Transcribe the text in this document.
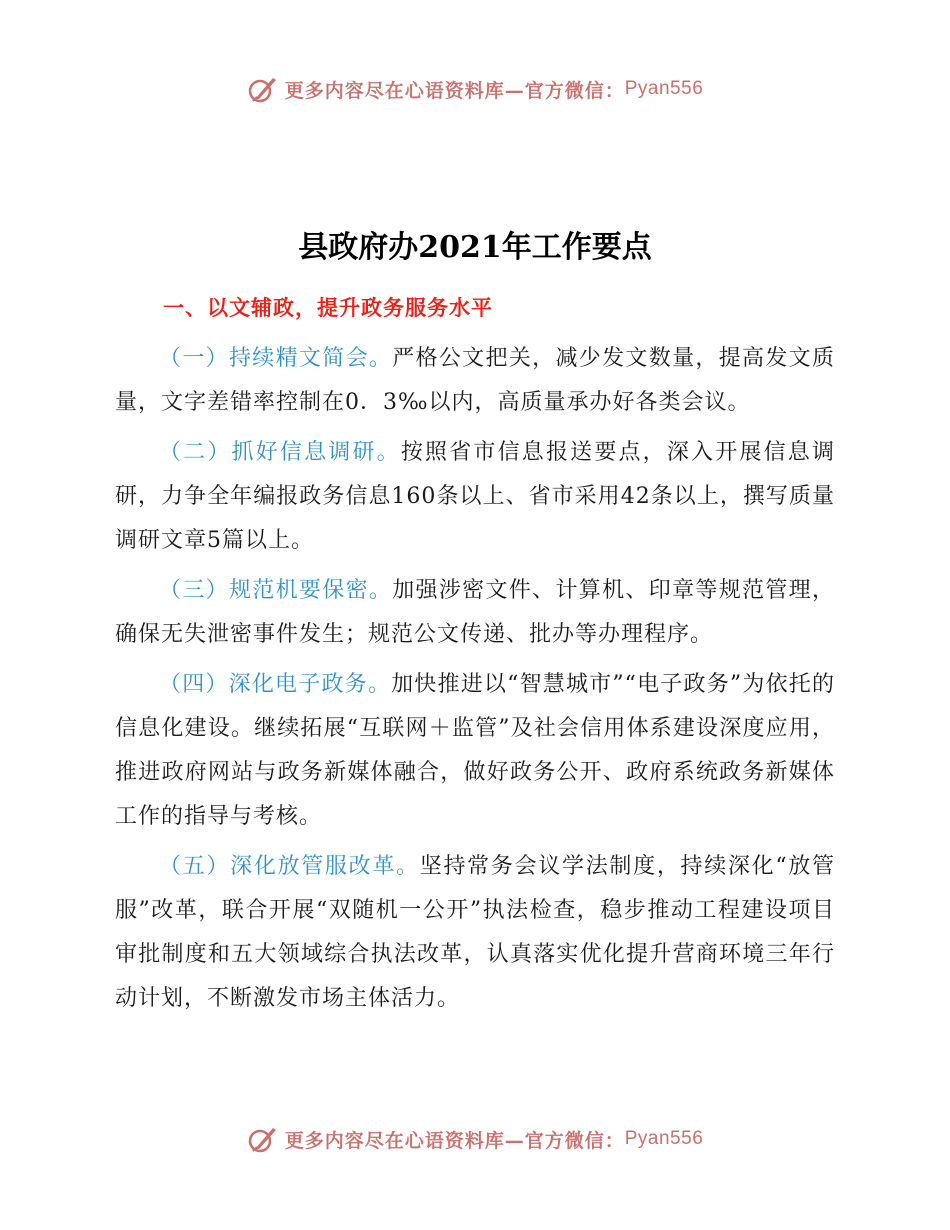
更多内容尽在心语资料库—官方微信： Pyan556
县政府办2021年工作要点
一、以文辅政，提升政务服务水平

（一）持续精文简会。严格公文把关，减少发文数量，提高发文质量，文字差错率控制在0．3‰以内，高质量承办好各类会议。

（二）抓好信息调研。按照省市信息报送要点，深入开展信息调研，力争全年编报政务信息160条以上、省市采用42条以上，撰写质量调研文章5篇以上。

（三）规范机要保密。加强涉密文件、计算机、印章等规范管理，确保无失泄密事件发生；规范公文传递、批办等办理程序。

（四）深化电子政务。加快推进以“智慧城市”“电子政务”为依托的信息化建设。继续拓展“互联网＋监管”及社会信用体系建设深度应用，推进政府网站与政务新媒体融合，做好政务公开、政府系统政务新媒体工作的指导与考核。

（五）深化放管服改革。坚持常务会议学法制度，持续深化“放管服”改革，联合开展“双随机一公开”执法检查，稳步推动工程建设项目审批制度和五大领域综合执法改革，认真落实优化提升营商环境三年行动计划，不断激发市场主体活力。

更多内容尽在心语资料库—官方微信： Pyan556
